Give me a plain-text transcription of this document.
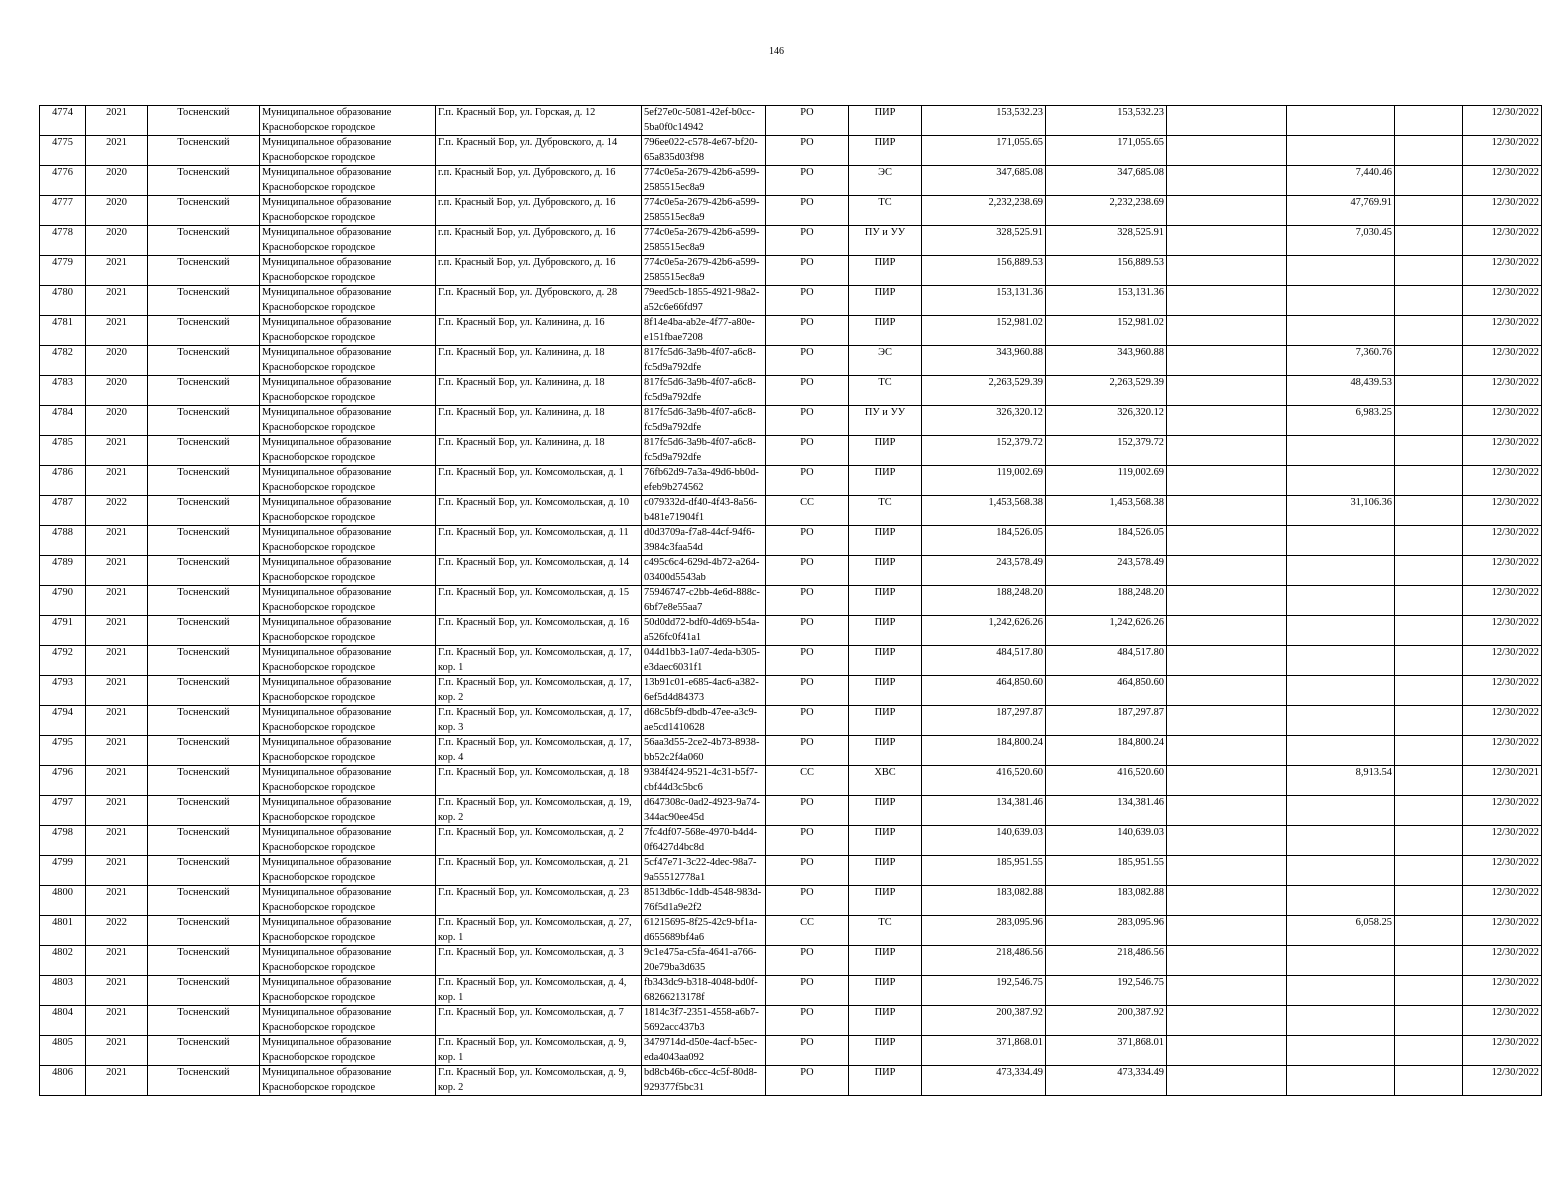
146
4774	2021	Тосненский	Муниципальное образование Красноборское городское	Г.п. Красный Бор, ул. Горская, д. 12	5ef27e0c-5081-42ef-b0cc-5ba0f0c14942	РО	ПИР	153,532.23	153,532.23				12/30/2022
4775	2021	Тосненский	Муниципальное образование Красноборское городское	Г.п. Красный Бор, ул. Дубровского, д. 14	796ee022-c578-4e67-bf20-65a835d03f98	РО	ПИР	171,055.65	171,055.65				12/30/2022
4776	2020	Тосненский	Муниципальное образование Красноборское городское	г.п. Красный Бор, ул. Дубровского, д. 16	774c0e5a-2679-42b6-a599-2585515ec8a9	РО	ЭС	347,685.08	347,685.08		7,440.46		12/30/2022
4777	2020	Тосненский	Муниципальное образование Красноборское городское	г.п. Красный Бор, ул. Дубровского, д. 16	774c0e5a-2679-42b6-a599-2585515ec8a9	РО	ТС	2,232,238.69	2,232,238.69		47,769.91		12/30/2022
4778	2020	Тосненский	Муниципальное образование Красноборское городское	г.п. Красный Бор, ул. Дубровского, д. 16	774c0e5a-2679-42b6-a599-2585515ec8a9	РО	ПУ и УУ	328,525.91	328,525.91		7,030.45		12/30/2022
4779	2021	Тосненский	Муниципальное образование Красноборское городское	г.п. Красный Бор, ул. Дубровского, д. 16	774c0e5a-2679-42b6-a599-2585515ec8a9	РО	ПИР	156,889.53	156,889.53				12/30/2022
4780	2021	Тосненский	Муниципальное образование Красноборское городское	Г.п. Красный Бор, ул. Дубровского, д. 28	79eed5cb-1855-4921-98a2-a52c6e66fd97	РО	ПИР	153,131.36	153,131.36				12/30/2022
4781	2021	Тосненский	Муниципальное образование Красноборское городское	Г.п. Красный Бор, ул. Калинина, д. 16	8f14e4ba-ab2e-4f77-a80e-e151fbae7208	РО	ПИР	152,981.02	152,981.02				12/30/2022
4782	2020	Тосненский	Муниципальное образование Красноборское городское	Г.п. Красный Бор, ул. Калинина, д. 18	817fc5d6-3a9b-4f07-a6c8-fc5d9a792dfe	РО	ЭС	343,960.88	343,960.88		7,360.76		12/30/2022
4783	2020	Тосненский	Муниципальное образование Красноборское городское	Г.п. Красный Бор, ул. Калинина, д. 18	817fc5d6-3a9b-4f07-a6c8-fc5d9a792dfe	РО	ТС	2,263,529.39	2,263,529.39		48,439.53		12/30/2022
4784	2020	Тосненский	Муниципальное образование Красноборское городское	Г.п. Красный Бор, ул. Калинина, д. 18	817fc5d6-3a9b-4f07-a6c8-fc5d9a792dfe	РО	ПУ и УУ	326,320.12	326,320.12		6,983.25		12/30/2022
4785	2021	Тосненский	Муниципальное образование Красноборское городское	Г.п. Красный Бор, ул. Калинина, д. 18	817fc5d6-3a9b-4f07-a6c8-fc5d9a792dfe	РО	ПИР	152,379.72	152,379.72				12/30/2022
4786	2021	Тосненский	Муниципальное образование Красноборское городское	Г.п. Красный Бор, ул. Комсомольская, д. 1	76fb62d9-7a3a-49d6-bb0d-efeb9b274562	РО	ПИР	119,002.69	119,002.69				12/30/2022
4787	2022	Тосненский	Муниципальное образование Красноборское городское	Г.п. Красный Бор, ул. Комсомольская, д. 10	c079332d-df40-4f43-8a56-b481e71904f1	СС	ТС	1,453,568.38	1,453,568.38		31,106.36		12/30/2022
4788	2021	Тосненский	Муниципальное образование Красноборское городское	Г.п. Красный Бор, ул. Комсомольская, д. 11	d0d3709a-f7a8-44cf-94f6-3984c3faa54d	РО	ПИР	184,526.05	184,526.05				12/30/2022
4789	2021	Тосненский	Муниципальное образование Красноборское городское	Г.п. Красный Бор, ул. Комсомольская, д. 14	c495c6c4-629d-4b72-a264-03400d5543ab	РО	ПИР	243,578.49	243,578.49				12/30/2022
4790	2021	Тосненский	Муниципальное образование Красноборское городское	Г.п. Красный Бор, ул. Комсомольская, д. 15	75946747-c2bb-4e6d-888c-6bf7e8e55aa7	РО	ПИР	188,248.20	188,248.20				12/30/2022
4791	2021	Тосненский	Муниципальное образование Красноборское городское	Г.п. Красный Бор, ул. Комсомольская, д. 16	50d0dd72-bdf0-4d69-b54a-a526fc0f41a1	РО	ПИР	1,242,626.26	1,242,626.26				12/30/2022
4792	2021	Тосненский	Муниципальное образование Красноборское городское	Г.п. Красный Бор, ул. Комсомольская, д. 17, кор. 1	044d1bb3-1a07-4eda-b305-e3daec6031f1	РО	ПИР	484,517.80	484,517.80				12/30/2022
4793	2021	Тосненский	Муниципальное образование Красноборское городское	Г.п. Красный Бор, ул. Комсомольская, д. 17, кор. 2	13b91c01-e685-4ac6-a382-6ef5d4d84373	РО	ПИР	464,850.60	464,850.60				12/30/2022
4794	2021	Тосненский	Муниципальное образование Красноборское городское	Г.п. Красный Бор, ул. Комсомольская, д. 17, кор. 3	d68c5bf9-dbdb-47ee-a3c9-ae5cd1410628	РО	ПИР	187,297.87	187,297.87				12/30/2022
4795	2021	Тосненский	Муниципальное образование Красноборское городское	Г.п. Красный Бор, ул. Комсомольская, д. 17, кор. 4	56aa3d55-2ce2-4b73-8938-bb52c2f4a060	РО	ПИР	184,800.24	184,800.24				12/30/2022
4796	2021	Тосненский	Муниципальное образование Красноборское городское	Г.п. Красный Бор, ул. Комсомольская, д. 18	9384f424-9521-4c31-b5f7-cbf44d3c5bc6	СС	ХВС	416,520.60	416,520.60		8,913.54		12/30/2021
4797	2021	Тосненский	Муниципальное образование Красноборское городское	Г.п. Красный Бор, ул. Комсомольская, д. 19, кор. 2	d647308c-0ad2-4923-9a74-344ac90ee45d	РО	ПИР	134,381.46	134,381.46				12/30/2022
4798	2021	Тосненский	Муниципальное образование Красноборское городское	Г.п. Красный Бор, ул. Комсомольская, д. 2	7fc4df07-568e-4970-b4d4-0f6427d4bc8d	РО	ПИР	140,639.03	140,639.03				12/30/2022
4799	2021	Тосненский	Муниципальное образование Красноборское городское	Г.п. Красный Бор, ул. Комсомольская, д. 21	5cf47e71-3c22-4dec-98a7-9a55512778a1	РО	ПИР	185,951.55	185,951.55				12/30/2022
4800	2021	Тосненский	Муниципальное образование Красноборское городское	Г.п. Красный Бор, ул. Комсомольская, д. 23	8513db6c-1ddb-4548-983d-76f5d1a9e2f2	РО	ПИР	183,082.88	183,082.88				12/30/2022
4801	2022	Тосненский	Муниципальное образование Красноборское городское	Г.п. Красный Бор, ул. Комсомольская, д. 27, кор. 1	61215695-8f25-42c9-bf1a-d655689bf4a6	СС	ТС	283,095.96	283,095.96		6,058.25		12/30/2022
4802	2021	Тосненский	Муниципальное образование Красноборское городское	Г.п. Красный Бор, ул. Комсомольская, д. 3	9c1e475a-c5fa-4641-a766-20e79ba3d635	РО	ПИР	218,486.56	218,486.56				12/30/2022
4803	2021	Тосненский	Муниципальное образование Красноборское городское	Г.п. Красный Бор, ул. Комсомольская, д. 4, кор. 1	fb343dc9-b318-4048-bd0f-68266213178f	РО	ПИР	192,546.75	192,546.75				12/30/2022
4804	2021	Тосненский	Муниципальное образование Красноборское городское	Г.п. Красный Бор, ул. Комсомольская, д. 7	1814c3f7-2351-4558-a6b7-5692acc437b3	РО	ПИР	200,387.92	200,387.92				12/30/2022
4805	2021	Тосненский	Муниципальное образование Красноборское городское	Г.п. Красный Бор, ул. Комсомольская, д. 9, кор. 1	3479714d-d50e-4acf-b5ec-eda4043aa092	РО	ПИР	371,868.01	371,868.01				12/30/2022
4806	2021	Тосненский	Муниципальное образование Красноборское городское	Г.п. Красный Бор, ул. Комсомольская, д. 9, кор. 2	bd8cb46b-c6cc-4c5f-80d8-929377f5bc31	РО	ПИР	473,334.49	473,334.49				12/30/2022
